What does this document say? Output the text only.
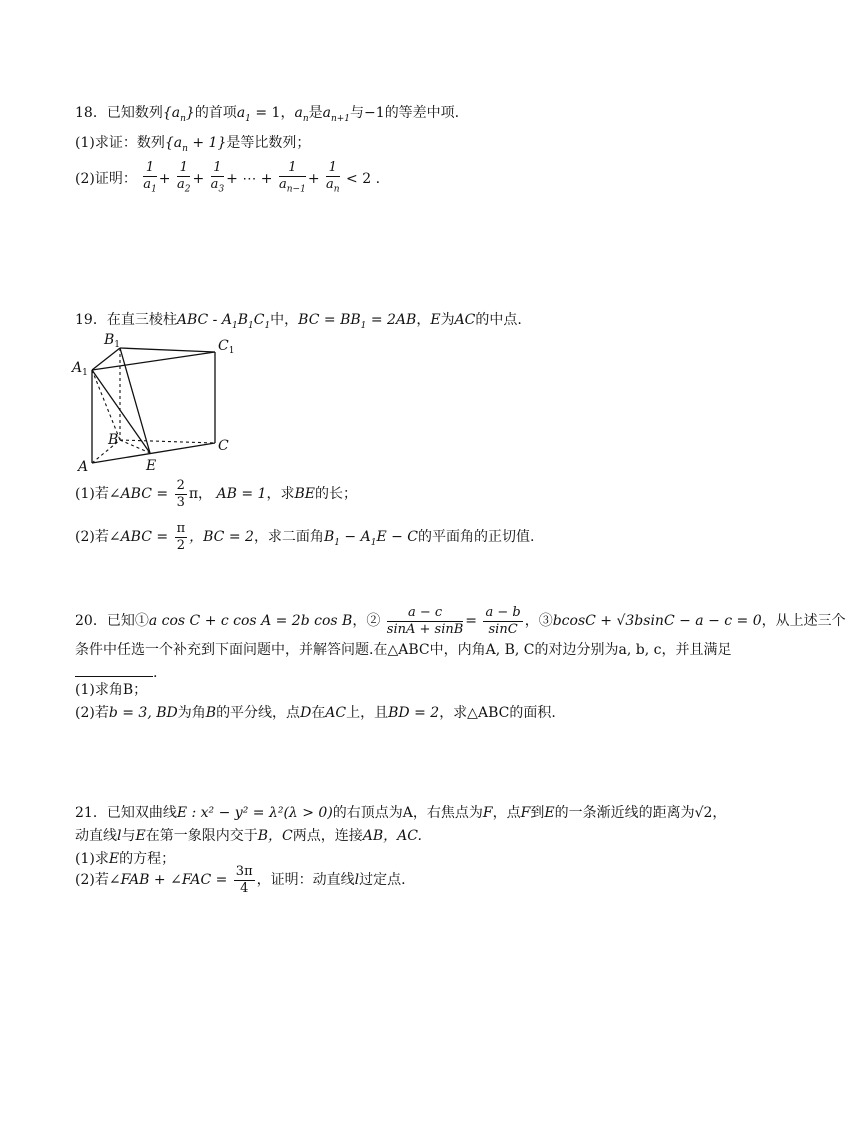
18．已知数列$\{a_n\}$的首项$a_1 = 1$，$a_n$是$a_{n+1}$与−1的等差中项.
(1)求证：数列$\{a_n + 1\}$是等比数列；
(2)证明： $\frac{1}{a_1} + \frac{1}{a_2} + \frac{1}{a_3}$ + ⋯ + $\frac{1}{a_{n-1}} + \frac{1}{a_n} < 2$ .
19．在直三棱柱ABC - $A_1B_1C_1$中，BC = $BB_1 = 2AB$，E为AC的中点.
$B_1$	$C_1$
$A_1$
B	C
A	E
(1)若∠ABC = $\frac{2}{3}$ π， AB = 1，求BE的长；
(2)若∠ABC = $\frac{\pi}{2}$ ，BC = 2，求二面角$B_1 - A_1E - C$的平面角的正切值.
20．已知①a cos C + c cos A = 2b cos B，② $\frac{a - c}{\sin A + \sin B} = \frac{a - b}{\sin C}$ ，③bcosC + √3bsinC − a − c = 0，从上述三个
条件中任选一个补充到下面问题中，并解答问题.在△ABC中，内角A, B, C的对边分别为a, b, c，并且满足
.
(1)求角B；
(2)若b = 3, BD为角B的平分线，点D在AC上，且BD = 2，求△ABC的面积.
21．已知双曲线E : x² − y² = λ²(λ > 0)的右顶点为A，右焦点为F，点F到E的一条渐近线的距离为√2，
动直线l与E在第一象限内交于B，C两点，连接AB，AC.
(1)求E的方程；
(2)若∠FAB + ∠FAC = $\frac{3\pi}{4}$ ，证明：动直线l过定点.
